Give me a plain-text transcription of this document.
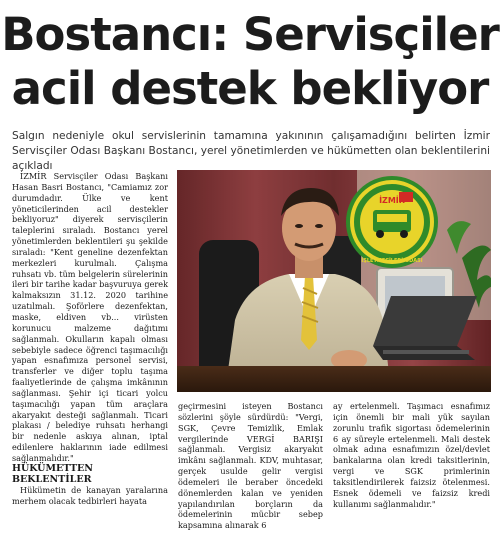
Bostancı: Servisçiler
acil destek bekliyor

Salgın nedeniyle okul servislerinin tamamına yakınının çalışamadığını belirten İzmir Servisçiler Odası Başkanı Bostancı, yerel yönetimlerden ve hükümetten olan beklentilerini açıkladı

İZMİR Servisçiler Odası Başkanı Hasan Basri Bostancı, "Camiamız zor durumdadır. Ülke ve kent yöneticilerinden acil destekler bekliyoruz" diyerek servisçilerin taleplerini sıraladı. Bostancı yerel yönetimlerden beklentileri şu şekilde sıraladı: "Kent geneline dezenfektan merkezleri kurulmalı. Çalışma ruhsatı vb. tüm belgelerin sürelerinin ileri bir tarihe kadar başvuruya gerek kalmaksızın 31.12. 2020 tarihine uzatılmalı. Şoförlere dezenfektan, maske, eldiven vb... virüsten korunucu malzeme dağıtımı sağlanmalı. Okulların kapalı olması sebebiyle sadece öğrenci taşımacılığı yapan esnafımıza personel servisi, transferler ve diğer toplu taşıma faaliyetlerinde de çalışma imkânının sağlanması. Şehir içi ticari yolcu taşımacılığı yapan tüm araçlara akaryakıt desteği sağlanmalı. Ticari plakası / belediye ruhsatı herhangi bir nedenle askıya alınan, iptal edilenlere haklarının iade edilmesi sağlanmalıdır."

HÜKÜMETTEN BEKLENTİLER

Hükümetin de kanayan yaralarına merhem olacak tedbirleri hayata

İZMİR
İŞLETMECİLERİ ODASI

geçirmesini isteyen Bostancı sözlerini şöyle sürdürdü: "Vergi, SGK, Çevre Temizlik, Emlak vergilerinde VERGİ BARIŞI sağlanmalı. Vergisiz akaryakıt imkânı sağlanmalı. KDV, muhtasar, gerçek usulde gelir vergisi ödemeleri ile beraber öncedeki dönemlerden kalan ve yeniden yapılandırılan borçların da ödemelerinin mücbir sebep kapsamına alınarak 6

ay ertelenmeli. Taşımacı esnafımız için önemli bir mali yük sayılan zorunlu trafik sigortası ödemelerinin 6 ay süreyle ertelenmeli. Mali destek olmak adına esnafımızın özel/devlet bankalarına olan kredi taksitlerinin, vergi ve SGK primlerinin taksitlendirilerek faizsiz ötelenmesi. Esnek ödemeli ve faizsiz kredi kullanımı sağlanmalıdır."
